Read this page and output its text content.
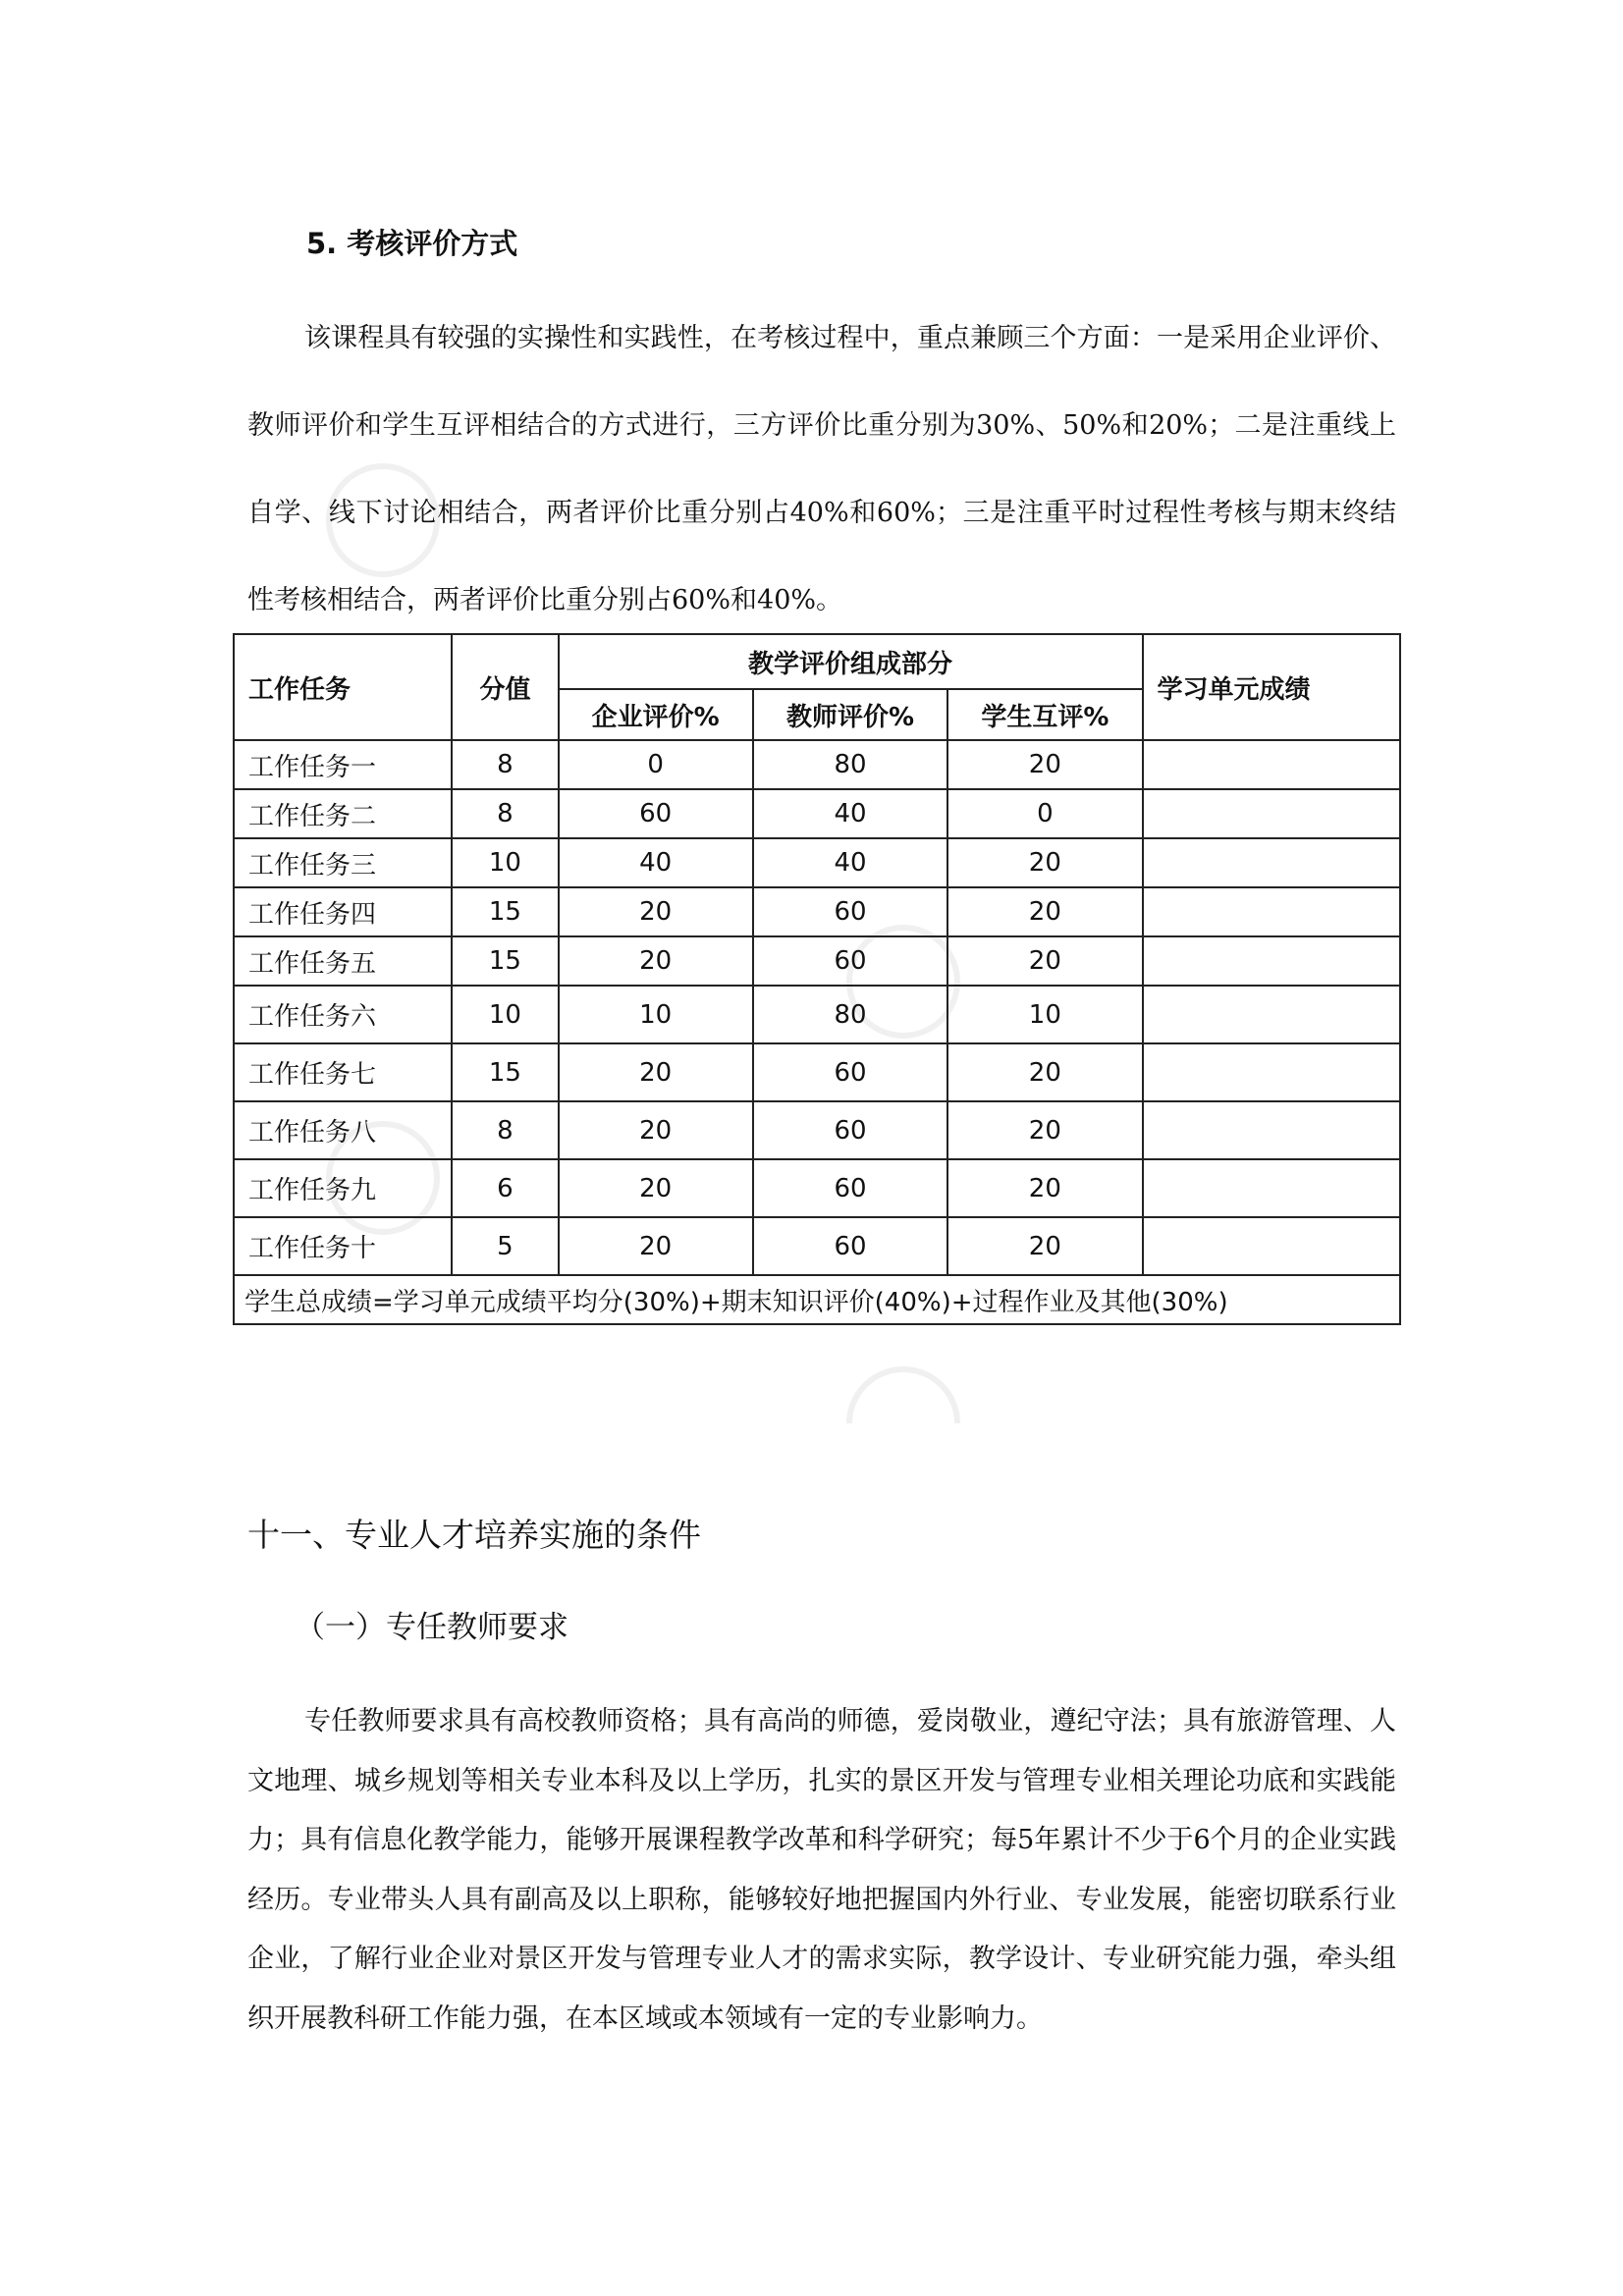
5. 考核评价方式

该课程具有较强的实操性和实践性，在考核过程中，重点兼顾三个方面：一是采用企业评价、教师评价和学生互评相结合的方式进行，三方评价比重分别为30%、50%和20%；二是注重线上自学、线下讨论相结合，两者评价比重分别占40%和60%；三是注重平时过程性考核与期末终结性考核相结合，两者评价比重分别占60%和40%。

工作任务	分值	教学评价组成部分			学习单元成绩
		企业评价%	教师评价%	学生互评%	
工作任务一	8	0	80	20	
工作任务二	8	60	40	0	
工作任务三	10	40	40	20	
工作任务四	15	20	60	20	
工作任务五	15	20	60	20	
工作任务六	10	10	80	10	
工作任务七	15	20	60	20	
工作任务八	8	20	60	20	
工作任务九	6	20	60	20	
工作任务十	5	20	60	20	
学生总成绩=学习单元成绩平均分(30%)+期末知识评价(40%)+过程作业及其他(30%)					
十一、专业人才培养实施的条件
（一）专任教师要求

专任教师要求具有高校教师资格；具有高尚的师德，爱岗敬业，遵纪守法；具有旅游管理、人文地理、城乡规划等相关专业本科及以上学历，扎实的景区开发与管理专业相关理论功底和实践能力；具有信息化教学能力，能够开展课程教学改革和科学研究；每5年累计不少于6个月的企业实践经历。专业带头人具有副高及以上职称，能够较好地把握国内外行业、专业发展，能密切联系行业企业，了解行业企业对景区开发与管理专业人才的需求实际，教学设计、专业研究能力强，牵头组织开展教科研工作能力强，在本区域或本领域有一定的专业影响力。
